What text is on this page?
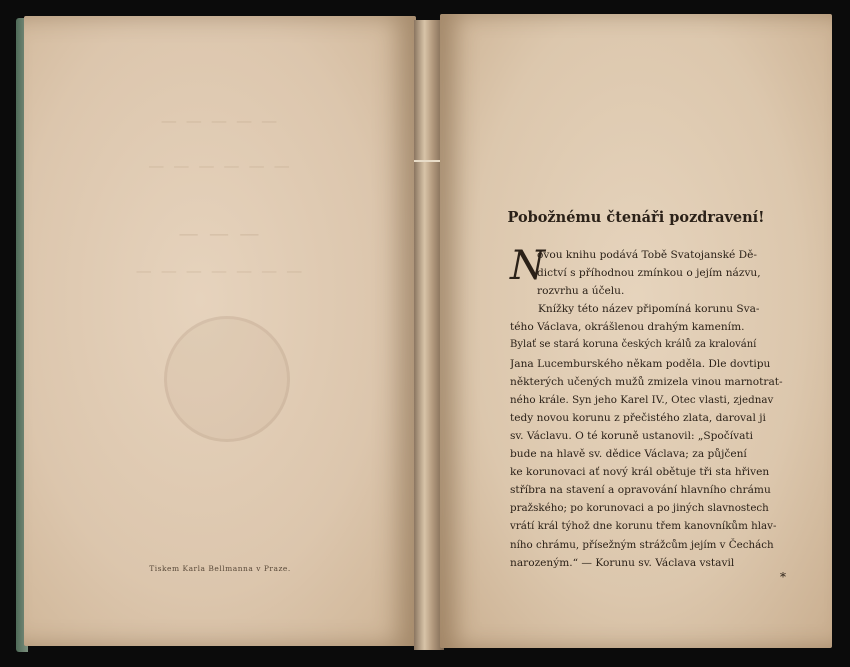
— — — — —
— — — — — —
— — —
— — — — — — —
Tiskem Karla Bellmanna v Praze.
Pobožnému čtenáři pozdravení!
N
ovou knihu podává Tobě Svatojanské Dě-
dictví s příhodnou zmínkou o jejím názvu,
rozvrhu a účelu.
Knížky této název připomíná korunu Sva-
tého Václava, okrášlenou drahým kamením.
Bylať se stará koruna českých králů za kralování
Jana Lucemburského někam poděla. Dle dovtipu
některých učených mužů zmizela vinou marnotrat-
ného krále. Syn jeho Karel IV., Otec vlasti, zjednav
tedy novou korunu z přečistého zlata, daroval ji
sv. Václavu. O té koruně ustanovil: „Spočívati
bude na hlavě sv. dědice Václava; za půjčení
ke korunovaci ať nový král obětuje tři sta hřiven
stříbra na stavení a opravování hlavního chrámu
pražského; po korunovaci a po jiných slavnostech
vrátí král týhož dne korunu třem kanovníkům hlav-
ního chrámu, přísežným strážcům jejím v Čechách
narozeným.“ — Korunu sv. Václava vstavil
*
